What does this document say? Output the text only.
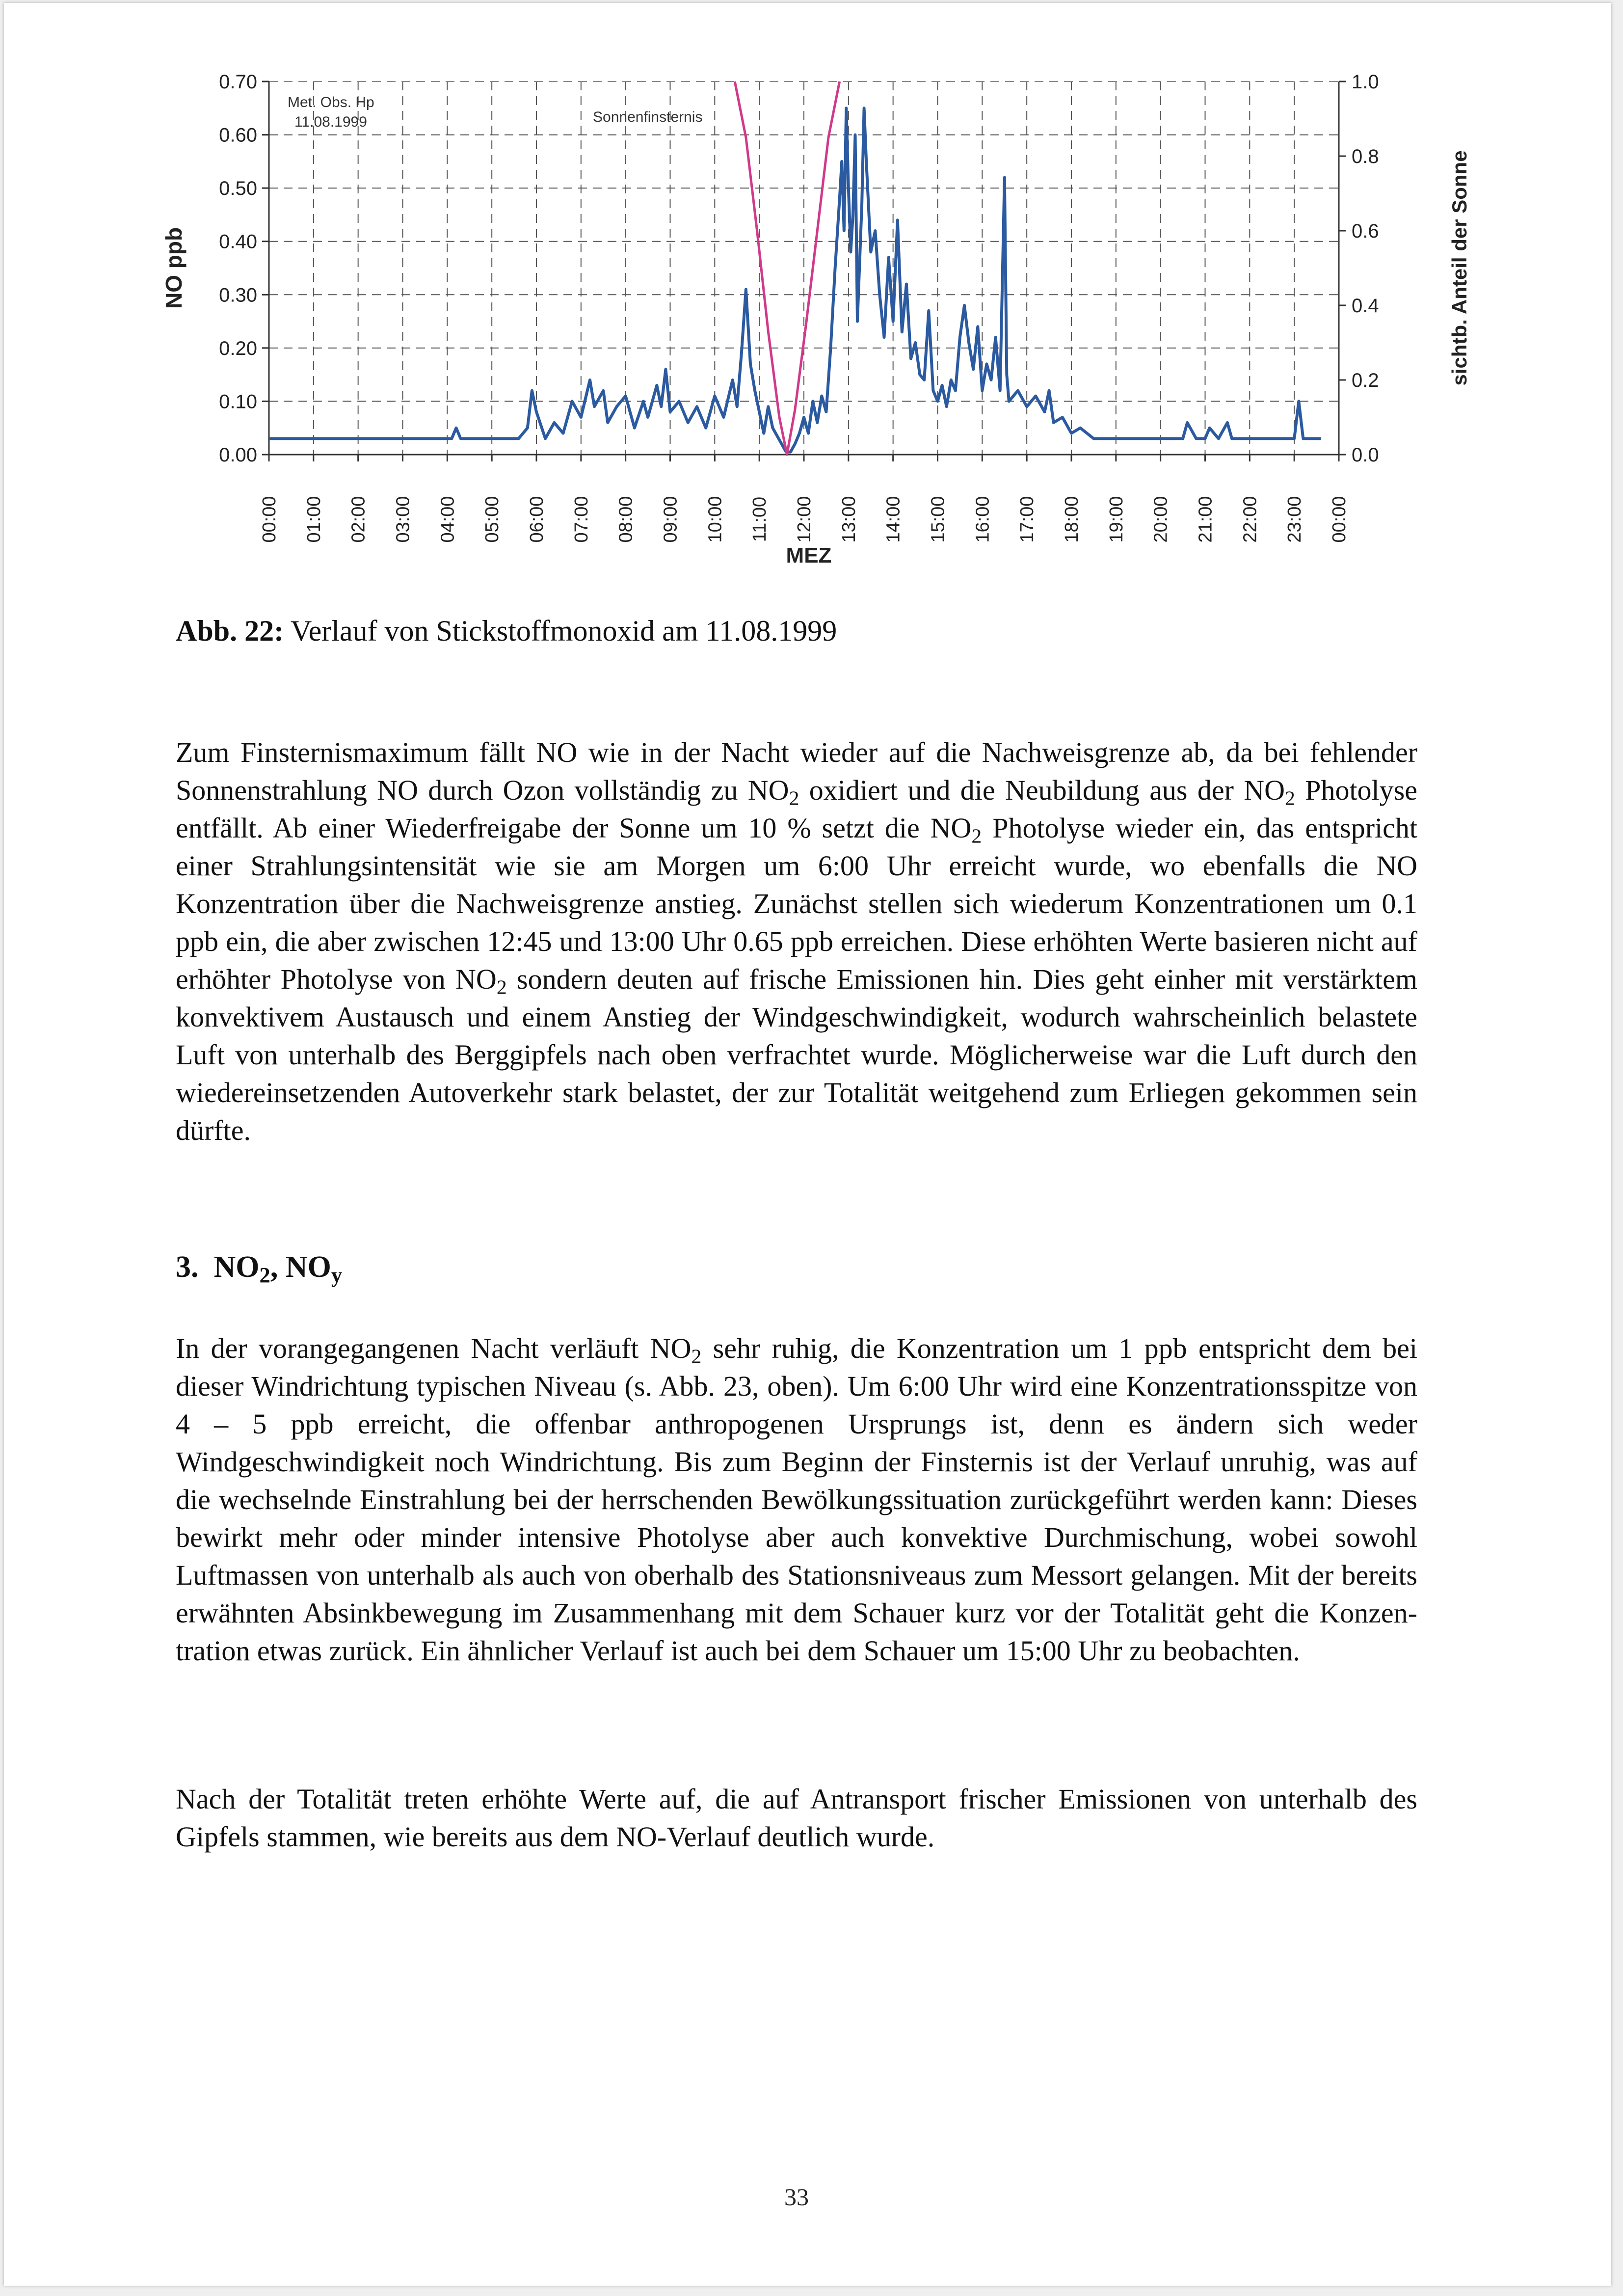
00:00 01:00 02:00 03:00 04:00 05:00 06:00 07:00 08:00 09:00 10:00 11:00 12:00 13:00 14:00 15:00 16:00 17:00 18:00 19:00 20:00 21:00 22:00 23:00 00:00
0.00
0.10
0.20
0.30
0.40
0.50
0.60
0.70
0.0
0.2
0.4
0.6
0.8
1.0
Met. Obs. Hp
11.08.1999	Sonnenfinsternis
MEZ
NO ppb	sichtb. Anteil der Sonne
Abb. 22: Verlauf von Stickstoffmonoxid am 11.08.1999

Zum Finsternismaximum fällt NO wie in der Nacht wieder auf die Nachweisgrenze ab, da bei fehlender Sonnenstrahlung NO durch Ozon vollständig zu $NO_2$ oxidiert und die Neubildung aus der $NO_2$ Photolyse entfällt. Ab einer Wiederfreigabe der Sonne um 10 % setzt die $NO_2$ Photolyse wieder ein, das entspricht einer Strahlungsintensität wie sie am Morgen um 6:00 Uhr erreicht wurde, wo ebenfalls die NO Konzentration über die Nachweisgrenze anstieg. Zunächst stellen sich wiederum Konzentrationen um 0.1 ppb ein, die aber zwischen 12:45 und 13:00 Uhr 0.65 ppb erreichen. Diese erhöhten Werte basieren nicht auf erhöhter Photolyse von $NO_2$ sondern deuten auf frische Emissionen hin. Dies geht einher mit verstärktem konvektivem Austausch und einem Anstieg der Windgeschwindigkeit, wodurch wahrscheinlich belastete Luft von unterhalb des Berggipfels nach oben verfrachtet wurde. Möglicherweise war die Luft durch den wiedereinsetzenden Autoverkehr stark belastet, der zur Totalität weitgehend zum Erliegen gekommen sein dürfte.

3. $NO_2$, $NO_y$

In der vorangegangenen Nacht verläuft $NO_2$ sehr ruhig, die Konzentration um 1 ppb entspricht dem bei dieser Windrichtung typischen Niveau (s. Abb. 23, oben). Um 6:00 Uhr wird eine Konzentrationsspitze von 4 – 5 ppb erreicht, die offenbar anthropogenen Ursprungs ist, denn es ändern sich weder Windgeschwindigkeit noch Windrichtung. Bis zum Beginn der Finsternis ist der Verlauf unruhig, was auf die wechselnde Einstrahlung bei der herrschenden Bewölkungssituation zurückgeführt werden kann: Dieses bewirkt mehr oder minder intensive Photolyse aber auch konvektive Durchmischung, wobei sowohl Luftmassen von unterhalb als auch von oberhalb des Stationsniveaus zum Messort gelangen. Mit der bereits erwähnten Absinkbewegung im Zusammenhang mit dem Schauer kurz vor der Totalität geht die Konzentration etwas zurück. Ein ähnlicher Verlauf ist auch bei dem Schauer um 15:00 Uhr zu beobachten.

Nach der Totalität treten erhöhte Werte auf, die auf Antransport frischer Emissionen von unterhalb des Gipfels stammen, wie bereits aus dem NO-Verlauf deutlich wurde.

33
